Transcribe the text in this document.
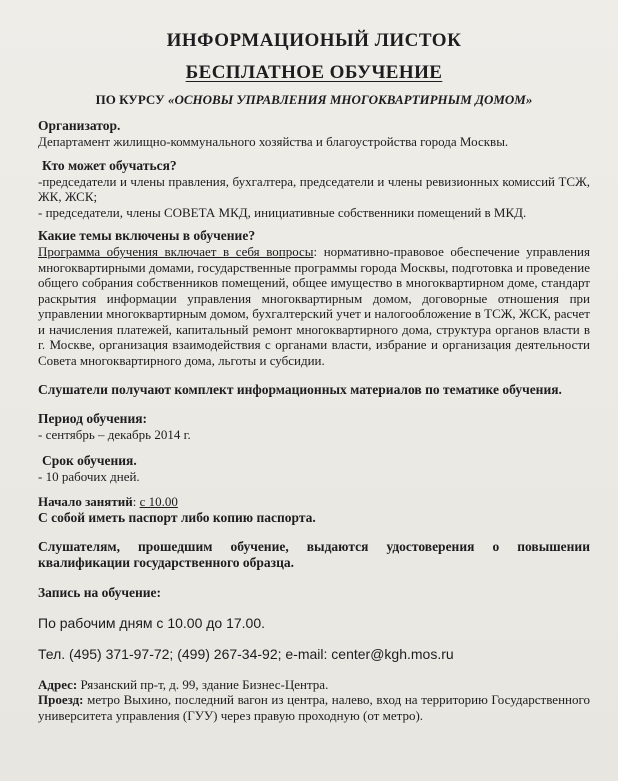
ИНФОРМАЦИОНЫЙ ЛИСТОК
БЕСПЛАТНОЕ ОБУЧЕНИЕ
ПО КУРСУ «ОСНОВЫ УПРАВЛЕНИЯ МНОГОКВАРТИРНЫМ ДОМОМ»

Организатор.

Департамент жилищно-коммунального хозяйства и благоустройства города Москвы.

Кто может обучаться?

-председатели и члены правления, бухгалтера, председатели и члены ревизионных комиссий ТСЖ, ЖК, ЖСК;

- председатели, члены СОВЕТА МКД, инициативные собственники помещений в МКД.

Какие темы включены в обучение?

Программа обучения включает в себя вопросы: нормативно-правовое обеспечение управления многоквартирными домами, государственные программы города Москвы, подготовка и проведение общего собрания собственников помещений, общее имущество в многоквартирном доме, стандарт раскрытия информации управления многоквартирным домом, договорные отношения при управлении многоквартирным домом, бухгалтерский учет и налогообложение в ТСЖ, ЖСК, расчет и начисления платежей, капитальный ремонт многоквартирного дома, структура органов власти в г. Москве, организация взаимодействия с органами власти, избрание и организация деятельности Совета многоквартирного дома, льготы и субсидии.

Слушатели получают комплект информационных материалов по тематике обучения.

Период обучения:

- сентябрь – декабрь 2014 г.

Срок обучения.

- 10 рабочих дней.

Начало занятий: с 10.00

С собой иметь паспорт либо копию паспорта.

Слушателям, прошедшим обучение, выдаются удостоверения о повышении квалификации государственного образца.

Запись на обучение:

По рабочим дням с 10.00 до 17.00.

Тел. (495) 371-97-72; (499) 267-34-92; e-mail: center@kgh.mos.ru

Адрес: Рязанский пр-т, д. 99, здание Бизнес-Центра.

Проезд: метро Выхино, последний вагон из центра, налево, вход на территорию Государственного университета управления (ГУУ) через правую проходную (от метро).
